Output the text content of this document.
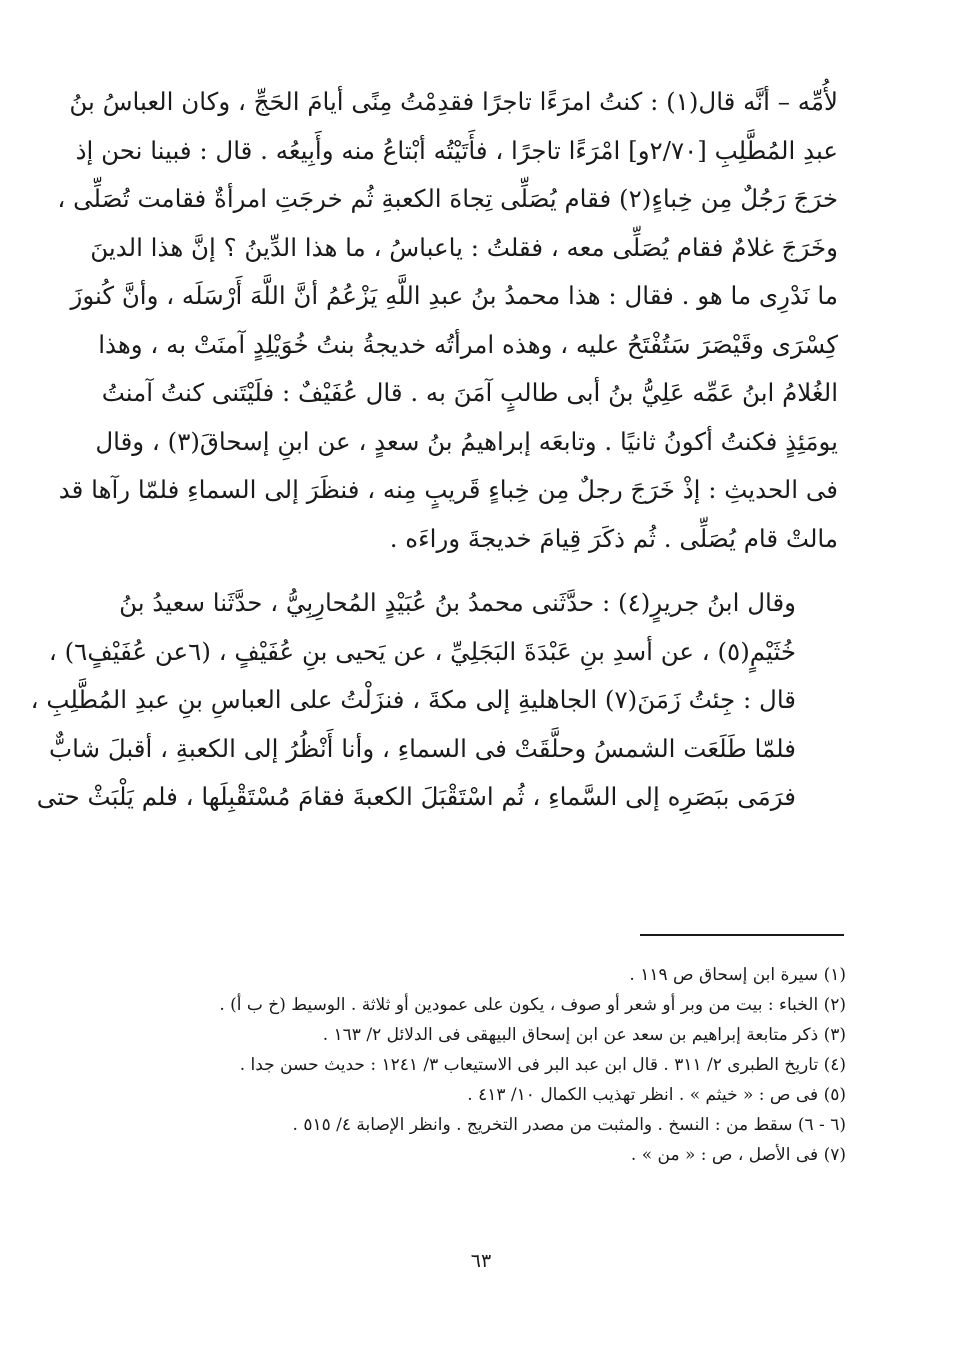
لأُمِّه – أنَّه قال(١) : كنتُ امرَءًا تاجرًا فقدِمْتُ مِنًى أيامَ الحَجِّ ، وكان العباسُ بنُ
عبدِ المُطَّلِبِ [٢/٧٠و] امْرَءًا تاجرًا ، فأَتَيْتُه أبْتاعُ منه وأَبِيعُه . قال : فبينا نحن إذ
خرَجَ رَجُلٌ مِن خِباءٍ(٢) فقام يُصَلِّى تِجاهَ الكعبةِ ثُم خرجَتِ امرأةٌ فقامت تُصَلِّى ،
وخَرَجَ غلامٌ فقام يُصَلِّى معه ، فقلتُ : ياعباسُ ، ما هذا الدِّينُ ؟ إنَّ هذا الدينَ
ما نَدْرِى ما هو . فقال : هذا محمدُ بنُ عبدِ اللَّهِ يَزْعُمُ أنَّ اللَّهَ أَرْسَلَه ، وأنَّ كُنوزَ
كِسْرَى وقَيْصَرَ سَتُفْتَحُ عليه ، وهذه امرأتُه خديجةُ بنتُ خُوَيْلِدٍ آمنَتْ به ، وهذا
الغُلامُ ابنُ عَمِّه عَلِيُّ بنُ أبى طالبٍ آمَنَ به . قال عُفَيْفٌ : فلَيْتَنى كنتُ آمنتُ
يومَئِذٍ فكنتُ أكونُ ثانيًا . وتابعَه إبراهيمُ بنُ سعدٍ ، عن ابنِ إسحاقَ(٣) ، وقال
فى الحديثِ : إذْ خَرَجَ رجلٌ مِن خِباءٍ قَريبٍ مِنه ، فنظَرَ إلى السماءِ فلمّا رآها قد
مالتْ قام يُصَلِّى . ثُم ذكَرَ قِيامَ خديجةَ وراءَه .

وقال ابنُ جريرٍ(٤) : حدَّثَنى محمدُ بنُ عُبَيْدٍ المُحارِبِيُّ ، حدَّثَنا سعيدُ بنُ
خُثَيْمٍ(٥) ، عن أسدِ بنِ عَبْدَةَ البَجَلِيِّ ، عن يَحيى بنِ عُفَيْفٍ ، (٦عن عُفَيْفٍ٦) ،
قال : جِئتُ زَمَنَ(٧) الجاهليةِ إلى مكةَ ، فنزَلْتُ على العباسِ بنِ عبدِ المُطَّلِبِ ،
فلمّا طَلَعَت الشمسُ وحلَّقَتْ فى السماءِ ، وأنا أَنْظُرُ إلى الكعبةِ ، أقبلَ شابٌّ
فرَمَى ببَصَرِه إلى السَّماءِ ، ثُم اسْتَقْبَلَ الكعبةَ فقامَ مُسْتَقْبِلَها ، فلم يَلْبَثْ حتى

(١) سيرة ابن إسحاق ص ١١٩ .
(٢) الخباء : بيت من وبر أو شعر أو صوف ، يكون على عمودين أو ثلاثة . الوسيط (خ ب أ) .
(٣) ذكر متابعة إبراهيم بن سعد عن ابن إسحاق البيهقى فى الدلائل ٢/ ١٦٣ .
(٤) تاريخ الطبرى ٢/ ٣١١ . قال ابن عبد البر فى الاستيعاب ٣/ ١٢٤١ : حديث حسن جدا .
(٥) فى ص : « خيثم » . انظر تهذيب الكمال ١٠/ ٤١٣ .
(٦ - ٦) سقط من : النسخ . والمثبت من مصدر التخريج . وانظر الإصابة ٤/ ٥١٥ .
(٧) فى الأصل ، ص : « من » .
٦٣
